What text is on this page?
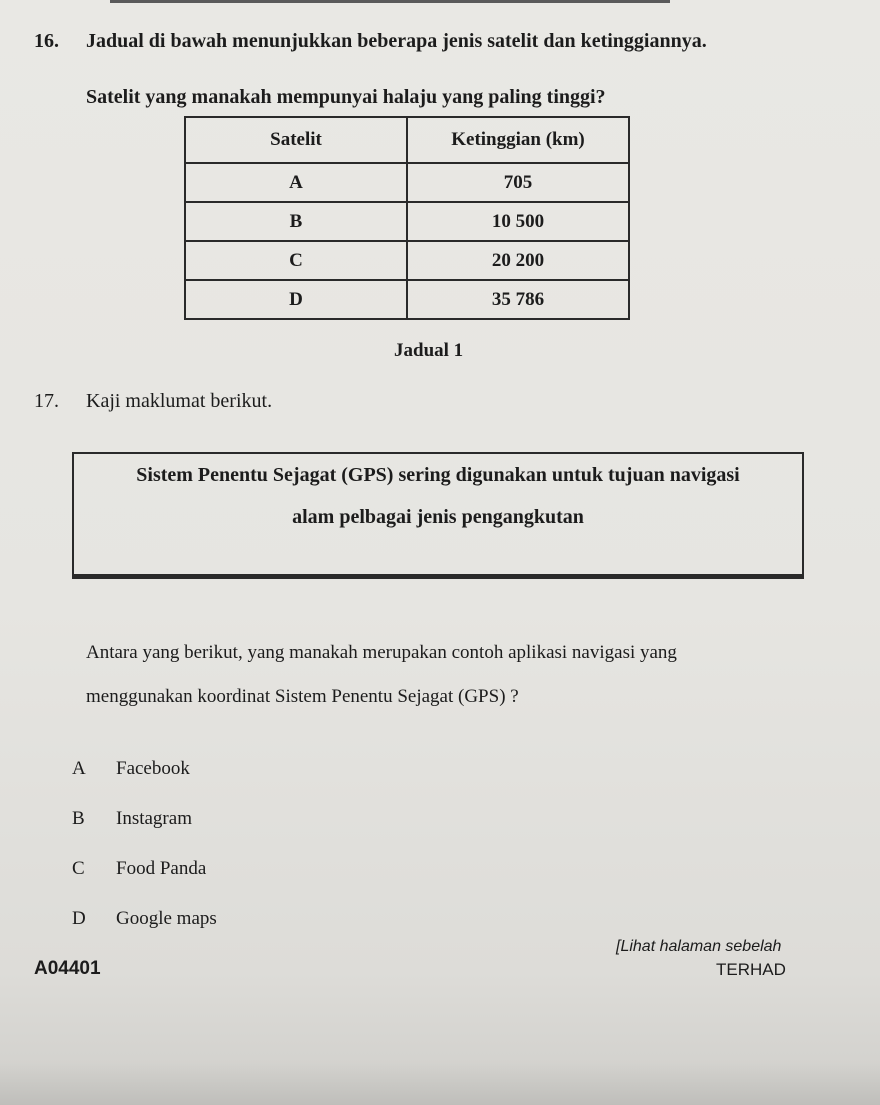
16. Jadual di bawah menunjukkan beberapa jenis satelit dan ketinggiannya.
Satelit yang manakah mempunyai halaju yang paling tinggi?
Satelit	Ketinggian (km)
A	705
B	10 500
C	20 200
D	35 786
Jadual 1
17. Kaji maklumat berikut.
Sistem Penentu Sejagat (GPS) sering digunakan untuk tujuan navigasi
alam pelbagai jenis pengangkutan
Antara yang berikut, yang manakah merupakan contoh aplikasi navigasi yang
menggunakan koordinat Sistem Penentu Sejagat (GPS) ?
A Facebook
B Instagram
C Food Panda
D Google maps
A04401
[Lihat halaman sebelah
TERHAD
